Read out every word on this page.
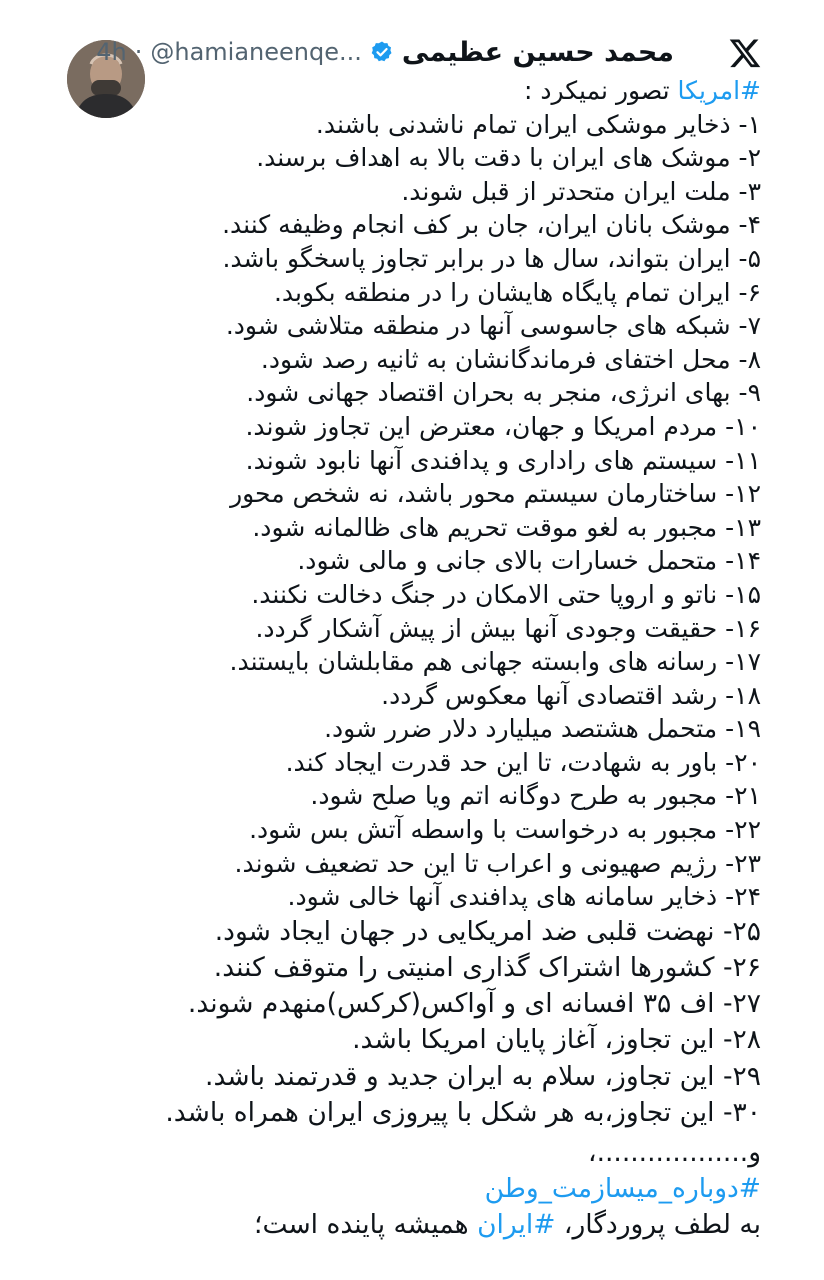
محمد حسین عظیمی
@hamianeenqe...
·
4h
#امریکا تصور نمیکرد :
۱- ذخایر موشکی ایران تمام ناشدنی باشند.
۲- موشک های ایران با دقت بالا به اهداف برسند.
۳- ملت ایران متحدتر از قبل شوند.
۴- موشک بانان ایران، جان بر کف انجام وظیفه کنند.
۵- ایران بتواند، سال ها در برابر تجاوز پاسخگو باشد.
۶- ایران تمام پایگاه هایشان را در منطقه بکوبد.
۷- شبکه های جاسوسی آنها در منطقه متلاشی شود.
۸- محل اختفای فرماندگانشان به ثانیه رصد شود.
۹- بهای انرژی، منجر به بحران اقتصاد جهانی شود.
۱۰- مردم امریکا و جهان، معترض این تجاوز شوند.
۱۱- سیستم های راداری و پدافندی آنها نابود شوند.
۱۲- ساختارمان سیستم محور باشد، نه شخص محور
۱۳- مجبور به لغو موقت تحریم های ظالمانه شود.
۱۴- متحمل خسارات بالای جانی و مالی شود.
۱۵- ناتو و اروپا حتی الامکان در جنگ دخالت نکنند.
۱۶- حقیقت وجودی آنها بیش از پیش آشکار گردد.
۱۷- رسانه های وابسته جهانی هم مقابلشان بایستند.
۱۸- رشد اقتصادی آنها معکوس گردد.
۱۹- متحمل هشتصد میلیارد دلار ضرر شود.
۲۰- باور به شهادت، تا این حد قدرت ایجاد کند.
۲۱- مجبور به طرح دوگانه اتم ویا صلح شود.
۲۲- مجبور به درخواست با واسطه آتش بس شود.
۲۳- رژیم صهیونی و اعراب تا این حد تضعیف شوند.
۲۴- ذخایر سامانه های پدافندی آنها خالی شود.
۲۵- نهضت قلبی ضد امریکایی در جهان ایجاد شود.
۲۶- کشورها اشتراک گذاری امنیتی را متوقف کنند.
۲۷- اف ۳۵ افسانه ای و آواکس(کرکس)منهدم شوند.
۲۸- این تجاوز، آغاز پایان امریکا باشد.
۲۹- این تجاوز، سلام به ایران جدید و قدرتمند باشد.
۳۰- این تجاوز،به هر شکل با پیروزی ایران همراه باشد.
و..................،
#دوباره_میسازمت_وطن
به لطف پروردگار، #ایران همیشه پاینده است؛
